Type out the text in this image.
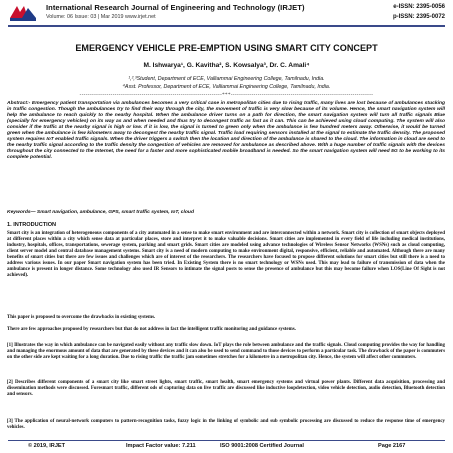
International Research Journal of Engineering and Technology (IRJET)
Volume: 06 Issue: 03 | Mar 2019 www.irjet.net
e-ISSN: 2395-0056
p-ISSN: 2395-0072
EMERGENCY VEHICLE PRE-EMPTION USING SMART CITY CONCEPT
M. Ishwarya¹, G. Kavitha², S. Kowsalya³, Dr. C. Amali⁴
¹,²,³Student, Department of ECE, Valliammai Engineering College, Tamilnadu, India.
⁴Asst. Professor, Department of ECE, Valliammai Engineering College, Tamilnadu, India.
---------------------------------------------------------------------***---------------------------------------------------------------------
Abstract:- Emergency patient transportation via ambulances becomes a very critical case in metropolitan cities due to rising traffic, many lives are lost because of ambulances stucking in traffic congestion. Though the ambulances try to find their way through the city, the movement of traffic is very slow because of its volume. Hence, the smart navigation system will help the ambulance to reach quickly to the nearby hospital. When the ambulance driver turns on a path for direction, the smart navigation system will turn all traffic signals Blue (specially for emergency vehicles) on its way as and when needed and thus try to decongest traffic as fast as it can. This can be achieved using cloud computing. The system will also consider if the traffic at the nearby signal is high or low. If it is low, the signal is turned to green only when the ambulance is few hundred meters away. Otherwise, it would be turned green when the ambulance is few kilometers away to decongest the nearby traffic signal. Traffic load requiring sensors installed at the signal to estimate the traffic density. The proposed system requires IoT enabled traffic signals. When the driver triggers a switch then the location and direction of the ambulance is shared to the cloud. The information in cloud are send to the nearby traffic signal according to the traffic density the congestion of vehicles are removed for ambulance as described above. With a huge number of traffic signals with the devices throughout the city connected to the Internet, the need for a faster and more sophisticated mobile broadband is needed. So the smart navigation system will need 5G to be working to its complete potential.
Keywords— Smart navigation, ambulance, GPS, smart traffic system, IoT, cloud
1. INTRODUCTION
Smart city is an integration of heterogeneous components of a city automated in a sense to make smart environment and are interconnected within a network. Smart city is collection of smart objects deployed at different places within a city which sense data at particular places, store and interpret it to make valuable decisions. Smart cities are implemented in every field of life including medical institutions, industry, hospitals, offices, transportations, sewerage system, parking and smart grids. Smart cities are modeled using advance technologies of Wireless Sensor Networks (WSNs) such as cloud computing, client server model and central database management systems. Smart city is a need of modern computing to make environment digital, responsive, efficient, reliable and automated. Although there are many benefits of smart cities but there are few issues and challenges which are of interest of the researchers. The researchers have focused to propose different solutions for smart cities but still there is a need to address various issues. In our paper Smart navigation system has been tried. In Existing System there is no smart technology or WSNs used. This may lead to failure of transmission of data when the ambulance is present in longer distance. Some technology also used IR Sensors to intimate the signal posts to sense the presence of ambulance but this may become failure when LOS(Line Of Sight is not achieved).
This paper is proposed to overcome the drawbacks in existing systems.
There are few approaches proposed by researchers but that do not address in fact the intelligent traffic monitoring and guidance systems.
[1] Illustrates the way in which ambulance can be navigated easily without any traffic slow down. IoT plays the role between ambulance and the traffic signals. Cloud computing provides the way for handling and managing the enormous amount of data that are generated by these devices and it can also be used to send command to those devices to perform a particular task. The drawback of the paper is commuters on the other side are kept waiting for a long duration. Due to rising traffic the traffic jam sometimes stretches for a kilometre in a metropolitan city. Hence, the system will affect other commuters.
[2] Describes different components of a smart city like smart street lights, smart traffic, smart health, smart emergency systems and virtual power plants. Different data acquisition, processing and dissemination methods were discussed. Foresmart traffic, different ods of capturing data on live traffic are discussed like inductive loopdetection, video vehicle detection, audio detection, Bluetooth detection and sensors.
[3] The application of neural-network computers to pattern-recognition tasks, fuzzy logic in the linking of symbolic and sub symbolic processing are discussed to reduce the response time of emergency vehicles.
© 2019, IRJET	Impact Factor value: 7.211	ISO 9001:2008 Certified Journal	Page 2167
